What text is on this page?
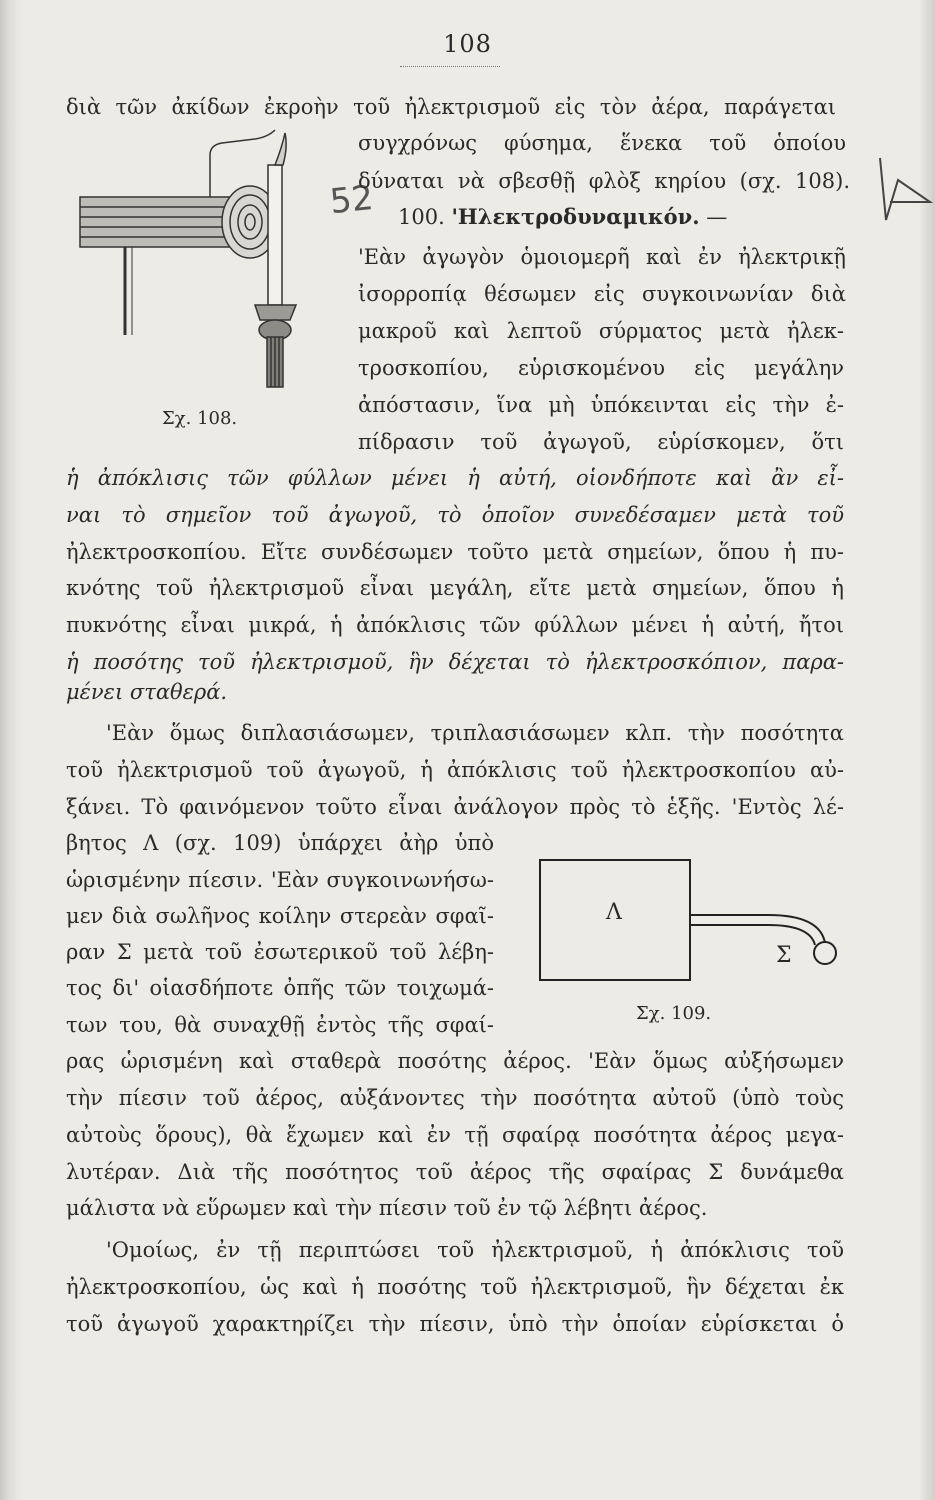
108
Σχ. 108.
52
διὰ τῶν ἀκίδων ἐκροὴν τοῦ ἠλεκτρισμοῦ εἰς τὸν ἀέρα, παράγεται
συγχρόνως φύσημα, ἕνεκα τοῦ ὁποίου
δύναται νὰ σβεσθῇ φλὸξ κηρίου (σχ. 108).
100. 'Ηλεκτροδυναμικόν. —
'Εὰν ἀγωγὸν ὁμοιομερῆ καὶ ἐν ἠλεκτρικῇ
ἰσορροπίᾳ θέσωμεν εἰς συγκοινωνίαν διὰ
μακροῦ καὶ λεπτοῦ σύρματος μετὰ ἠλεκ-
τροσκοπίου, εὑρισκομένου εἰς μεγάλην
ἀπόστασιν, ἵνα μὴ ὑπόκεινται εἰς τὴν ἐ-
πίδρασιν τοῦ ἀγωγοῦ, εὑρίσκομεν, ὅτι
ἡ ἀπόκλισις τῶν φύλλων μένει ἡ αὐτή, οἱονδήποτε καὶ ἂν εἶ-
ναι τὸ σημεῖον τοῦ ἀγωγοῦ, τὸ ὁποῖον συνεδέσαμεν μετὰ τοῦ
ἠλεκτροσκοπίου. Εἴτε συνδέσωμεν τοῦτο μετὰ σημείων, ὅπου ἡ πυ-
κνότης τοῦ ἠλεκτρισμοῦ εἶναι μεγάλη, εἴτε μετὰ σημείων, ὅπου ἡ
πυκνότης εἶναι μικρά, ἡ ἀπόκλισις τῶν φύλλων μένει ἡ αὐτή, ἤτοι
ἡ ποσότης τοῦ ἠλεκτρισμοῦ, ἣν δέχεται τὸ ἠλεκτροσκόπιον, παρα-
μένει σταθερά.
'Εὰν ὅμως διπλασιάσωμεν, τριπλασιάσωμεν κλπ. τὴν ποσότητα
τοῦ ἠλεκτρισμοῦ τοῦ ἀγωγοῦ, ἡ ἀπόκλισις τοῦ ἠλεκτροσκοπίου αὐ-
ξάνει. Τὸ φαινόμενον τοῦτο εἶναι ἀνάλογον πρὸς τὸ ἑξῆς. 'Εντὸς λέ-
βητος Λ (σχ. 109) ὑπάρχει ἀὴρ ὑπὸ
ὡρισμένην πίεσιν. 'Εὰν συγκοινωνήσω-
μεν διὰ σωλῆνος κοίλην στερεὰν σφαῖ-
ραν Σ μετὰ τοῦ ἐσωτερικοῦ τοῦ λέβη-
τος δι' οἱασδήποτε ὀπῆς τῶν τοιχωμά-
των του, θὰ συναχθῇ ἐντὸς τῆς σφαί-
Λ
Σ
Σχ. 109.
ρας ὡρισμένη καὶ σταθερὰ ποσότης ἀέρος. 'Εὰν ὅμως αὐξήσωμεν
τὴν πίεσιν τοῦ ἀέρος, αὐξάνοντες τὴν ποσότητα αὐτοῦ (ὑπὸ τοὺς
αὐτοὺς ὅρους), θὰ ἔχωμεν καὶ ἐν τῇ σφαίρᾳ ποσότητα ἀέρος μεγα-
λυτέραν. Διὰ τῆς ποσότητος τοῦ ἀέρος τῆς σφαίρας Σ δυνάμεθα
μάλιστα νὰ εὕρωμεν καὶ τὴν πίεσιν τοῦ ἐν τῷ λέβητι ἀέρος.
'Ομοίως, ἐν τῇ περιπτώσει τοῦ ἠλεκτρισμοῦ, ἡ ἀπόκλισις τοῦ
ἠλεκτροσκοπίου, ὡς καὶ ἡ ποσότης τοῦ ἠλεκτρισμοῦ, ἣν δέχεται ἐκ
τοῦ ἀγωγοῦ χαρακτηρίζει τὴν πίεσιν, ὑπὸ τὴν ὁποίαν εὑρίσκεται ὁ
